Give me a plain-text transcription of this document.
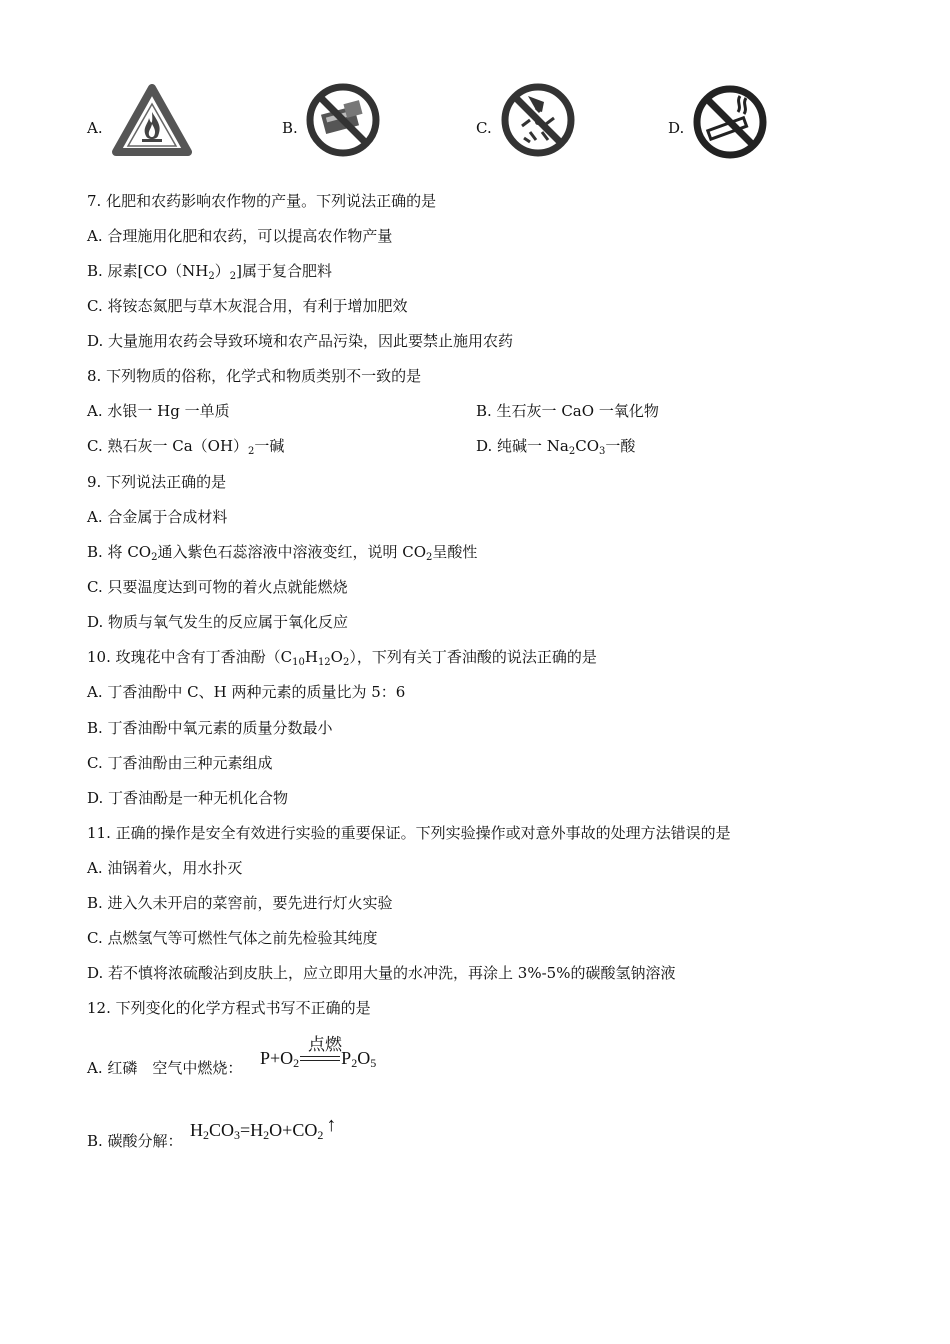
A.	B.	C.	D.
7. 化肥和农药影响农作物的产量。下列说法正确的是
A. 合理施用化肥和农药，可以提高农作物产量
B. 尿素$[CO(NH_2)_2]$属于复合肥料
C. 将铵态氮肥与草木灰混合用，有利于增加肥效
D. 大量施用农药会导致环境和农产品污染，因此要禁止施用农药
8. 下列物质的俗称，化学式和物质类别不一致的是
A. 水银一 Hg 一单质	B. 生石灰一 CaO 一氧化物
C. 熟石灰一 $Ca(OH)_2$一碱	D. 纯碱一 $Na_2CO_3$一酸
9. 下列说法正确的是
A. 合金属于合成材料
B. 将 $CO_2$通入紫色石蕊溶液中溶液变红，说明 $CO_2$呈酸性
C. 只要温度达到可物的着火点就能燃烧
D. 物质与氧气发生的反应属于氧化反应
10. 玫瑰花中含有丁香油酚$(C_{10}H_{12}O_2)$，下列有关丁香油酸的说法正确的是
A. 丁香油酚中 C、H 两种元素的质量比为 5：6
B. 丁香油酚中氧元素的质量分数最小
C. 丁香油酚由三种元素组成
D. 丁香油酚是一种无机化合物
11. 正确的操作是安全有效进行实验的重要保证。下列实验操作或对意外事故的处理方法错误的是
A. 油锅着火，用水扑灭
B. 进入久未开启的菜窖前，要先进行灯火实验
C. 点燃氢气等可燃性气体之前先检验其纯度
D. 若不慎将浓硫酸沾到皮肤上，应立即用大量的水冲洗，再涂上 3%-5%的碳酸氢钠溶液
12. 下列变化的化学方程式书写不正确的是
A. 红磷　空气中燃烧：
点燃
$P+O_2$ $P_2O_5$
B. 碳酸分解：
$H_2CO_3=H_2O+CO_2$ ↑
